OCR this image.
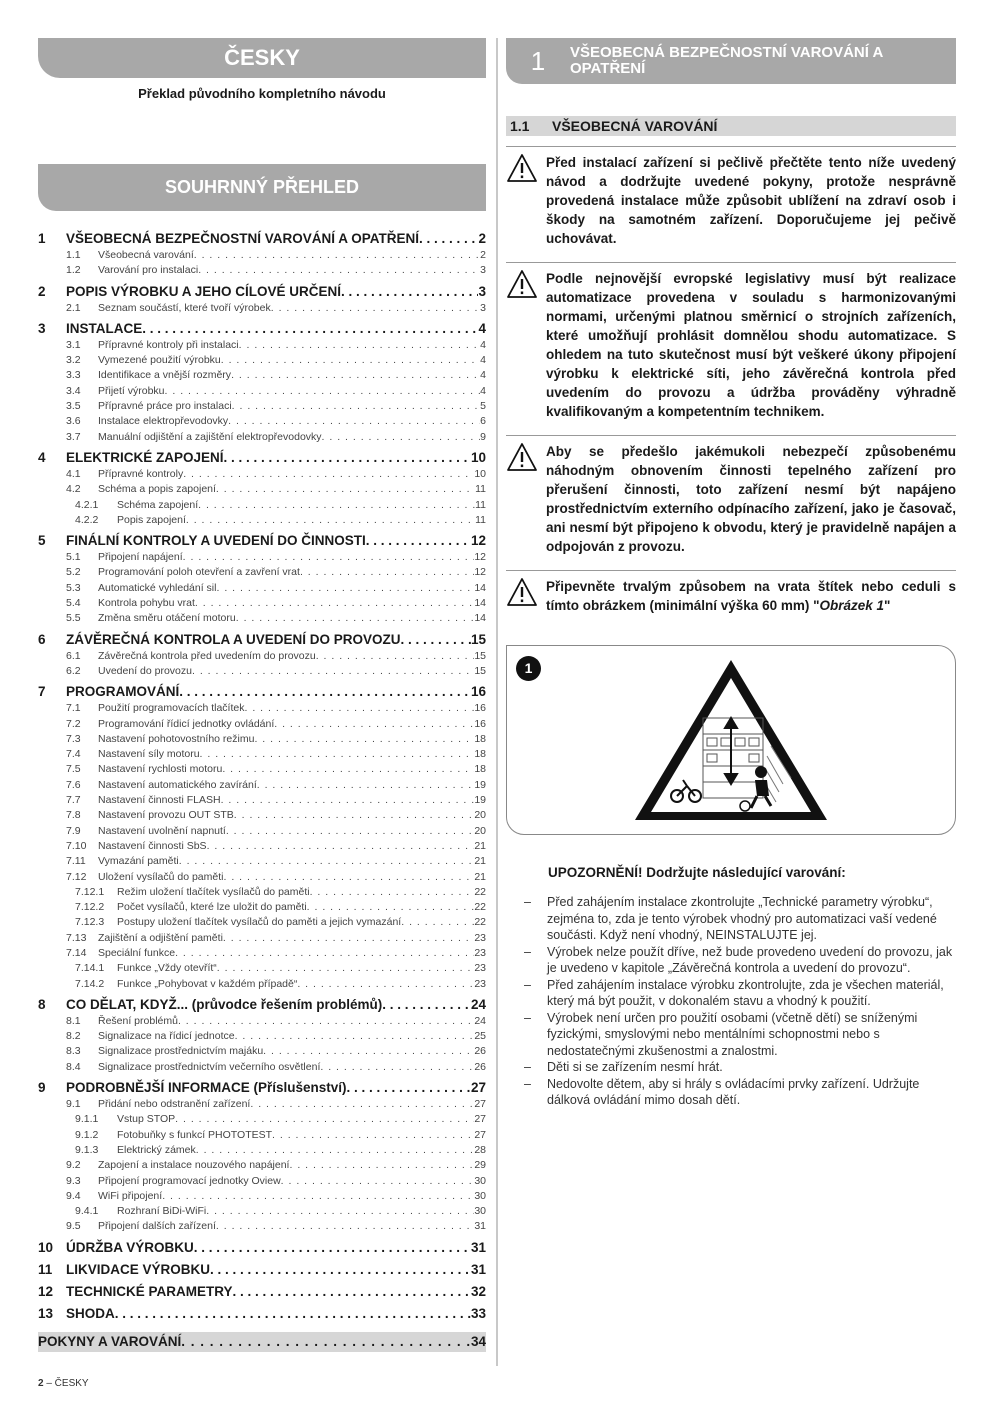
ČESKY
Překlad původního kompletního návodu
SOUHRNNÝ PŘEHLED
1	VŠEOBECNÁ BEZPEČNOSTNÍ VAROVÁNÍ A OPATŘENÍ . . .	2
1.1	Všeobecná varování . . .	2
1.2	Varování pro instalaci . . .	3
2	POPIS VÝROBKU A JEHO CÍLOVÉ URČENÍ . . .	3
2.1	Seznam součástí, které tvoří výrobek . . .	3
3	INSTALACE . . .	4
3.1	Přípravné kontroly při instalaci . . .	4
3.2	Vymezené použití výrobku . . .	4
3.3	Identifikace a vnější rozměry . . .	4
3.4	Přijetí výrobku . . .	4
3.5	Přípravné práce pro instalaci . . .	5
3.6	Instalace elektropřevodovky . . .	6
3.7	Manuální odjištění a zajištění elektropřevodovky . . .	9
4	ELEKTRICKÉ ZAPOJENÍ . . .	10
4.1	Přípravné kontroly . . .	10
4.2	Schéma a popis zapojení . . .	11
4.2.1	Schéma zapojení . . .	11
4.2.2	Popis zapojení . . .	11
5	FINÁLNÍ KONTROLY A UVEDENÍ DO ČINNOSTI . . .	12
5.1	Připojení napájení . . .	12
5.2	Programování poloh otevření a zavření vrat . . .	12
5.3	Automatické vyhledání sil . . .	14
5.4	Kontrola pohybu vrat . . .	14
5.5	Změna směru otáčení motoru . . .	14
6	ZÁVĚREČNÁ KONTROLA A UVEDENÍ DO PROVOZU . . .	15
6.1	Závěrečná kontrola před uvedením do provozu . . .	15
6.2	Uvedení do provozu . . .	15
7	PROGRAMOVÁNÍ . . .	16
7.1	Použití programovacích tlačítek . . .	16
7.2	Programování řídicí jednotky ovládání . . .	16
7.3	Nastavení pohotovostního režimu . . .	18
7.4	Nastavení síly motoru . . .	18
7.5	Nastavení rychlosti motoru . . .	18
7.6	Nastavení automatického zavírání . . .	19
7.7	Nastavení činnosti FLASH . . .	19
7.8	Nastavení provozu OUT STB . . .	20
7.9	Nastavení uvolnění napnutí . . .	20
7.10	Nastavení činnosti SbS . . .	21
7.11	Vymazání paměti . . .	21
7.12	Uložení vysílačů do paměti . . .	21
7.12.1	Režim uložení tlačítek vysílačů do paměti . . .	22
7.12.2	Počet vysílačů, které lze uložit do paměti . . .	22
7.12.3	Postupy uložení tlačítek vysílačů do paměti a jejich vymazání . . .	22
7.13	Zajištění a odjištění paměti . . .	23
7.14	Speciální funkce . . .	23
7.14.1	Funkce „Vždy otevřít“ . . .	23
7.14.2	Funkce „Pohybovat v každém případě“ . . .	23
8	CO DĚLAT, KDYŽ... (průvodce řešením problémů) . . .	24
8.1	Řešení problémů . . .	24
8.2	Signalizace na řídicí jednotce . . .	25
8.3	Signalizace prostřednictvím majáku . . .	26
8.4	Signalizace prostřednictvím večerního osvětlení . . .	26
9	PODROBNĚJŠÍ INFORMACE (Příslušenství) . . .	27
9.1	Přidání nebo odstranění zařízení . . .	27
9.1.1	Vstup STOP . . .	27
9.1.2	Fotobuňky s funkcí PHOTOTEST . . .	27
9.1.3	Elektrický zámek . . .	28
9.2	Zapojení a instalace nouzového napájení . . .	29
9.3	Připojení programovací jednotky Oview . . .	30
9.4	WiFi připojení . . .	30
9.4.1	Rozhraní BiDi-WiFi . . .	30
9.5	Připojení dalších zařízení . . .	31
10 ÚDRŽBA VÝROBKU . . .	31
11	LIKVIDACE VÝROBKU . . .	31
12 TECHNICKÉ PARAMETRY . . .	32
13 SHODA . . .	33
POKYNY A VAROVÁNÍ . . .	34
2 – ČESKY
1	VŠEOBECNÁ BEZPEČNOSTNÍ VAROVÁNÍ A OPATŘENÍ
1.1	VŠEOBECNÁ VAROVÁNÍ
Před instalací zařízení si pečlivě přečtěte tento níže uvedený návod a dodržujte uvedené pokyny, protože nesprávně provedená instalace může způsobit ublížení na zdraví osob i škody na samotném zařízení. Doporučujeme jej pečivě uchovávat.
Podle nejnovější evropské legislativy musí být realizace automatizace provedena v souladu s harmonizovanými normami, určenými platnou směrnicí o strojních zařízeních, které umožňují prohlásit domnělou shodu automatizace. S ohledem na tuto skutečnost musí být veškeré úkony připojení výrobku k elektrické síti, jeho závěrečná kontrola před uvedením do provozu a údržba prováděny výhradně kvalifikovaným a kompetentním technikem.
Aby se předešlo jakémukoli nebezpečí způsobenému náhodným obnovením činnosti tepelného zařízení pro přerušení činnosti, toto zařízení nesmí být napájeno prostřednictvím externího odpínacího zařízení, jako je časovač, ani nesmí být připojeno k obvodu, který je pravidelně napájen a odpojován z provozu.
Připevněte trvalým způsobem na vrata štítek nebo ceduli s tímto obrázkem (minimální výška 60 mm) "Obrázek 1"
1
UPOZORNĚNÍ! Dodržujte následující varování:
– Před zahájením instalace zkontrolujte „Technické parametry výrobku“, zejména to, zda je tento výrobek vhodný pro automatizaci vaší vedené součásti. Když není vhodný, NEINSTALUJTE jej.
– Výrobek nelze použít dříve, než bude provedeno uvedení do provozu, jak je uvedeno v kapitole „Závěrečná kontrola a uvedení do provozu“.
– Před zahájením instalace výrobku zkontrolujte, zda je všechen materiál, který má být použit, v dokonalém stavu a vhodný k použití.
– Výrobek není určen pro použití osobami (včetně dětí) se sníženými fyzickými, smyslovými nebo mentálními schopnostmi nebo s nedostatečnými zkušenostmi a znalostmi.
– Děti si se zařízením nesmí hrát.
– Nedovolte dětem, aby si hrály s ovládacími prvky zařízení. Udržujte dálková ovládání mimo dosah dětí.
